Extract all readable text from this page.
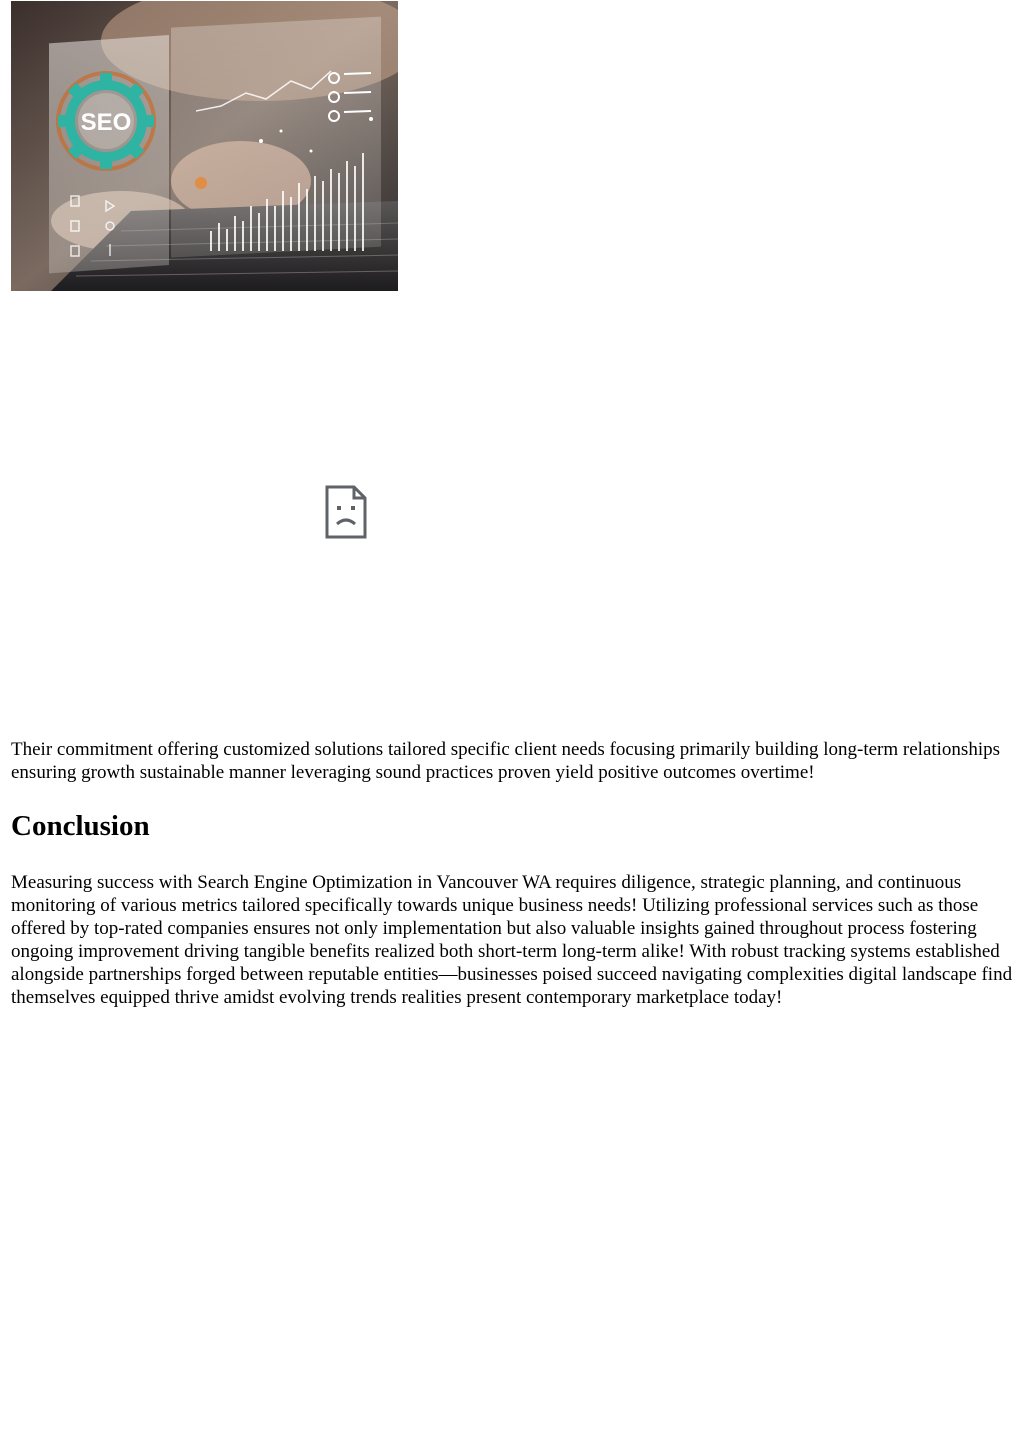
SEO

Their commitment offering customized solutions tailored specific client needs focusing primarily building long-term relationships ensuring growth sustainable manner leveraging sound practices proven yield positive outcomes overtime!

Conclusion

Measuring success with Search Engine Optimization in Vancouver WA requires diligence, strategic planning, and continuous monitoring of various metrics tailored specifically towards unique business needs! Utilizing professional services such as those offered by top-rated companies ensures not only implementation but also valuable insights gained throughout process fostering ongoing improvement driving tangible benefits realized both short-term long-term alike! With robust tracking systems established alongside partnerships forged between reputable entities—businesses poised succeed navigating complexities digital landscape find themselves equipped thrive amidst evolving trends realities present contemporary marketplace today!
